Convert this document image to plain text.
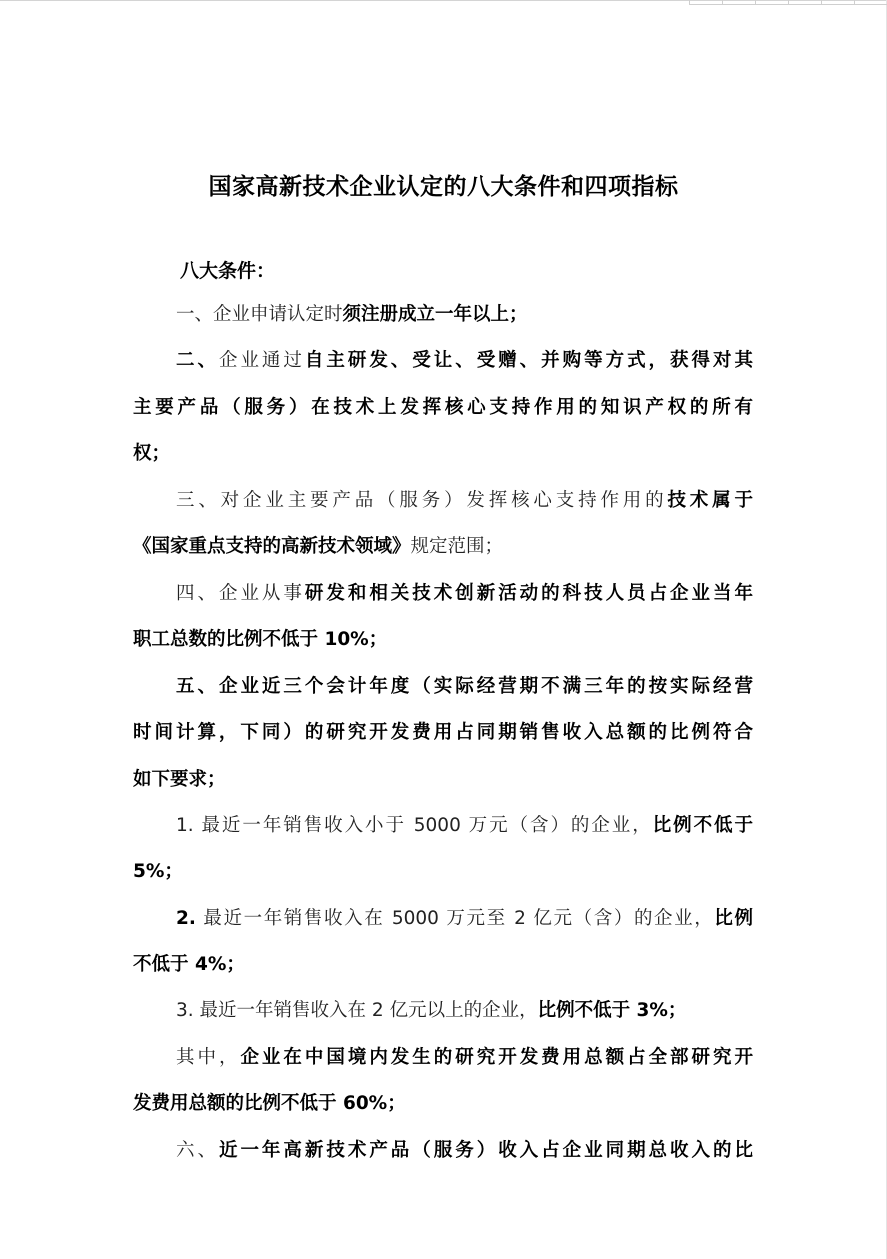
国家高新技术企业认定的八大条件和四项指标
八大条件：
一、企业申请认定时须注册成立一年以上；
二、企业通过自主研发、受让、受赠、并购等方式，获得对其
主要产品（服务）在技术上发挥核心支持作用的知识产权的所有
权；
三、对企业主要产品（服务）发挥核心支持作用的技术属于
《国家重点支持的高新技术领域》规定范围；
四、企业从事研发和相关技术创新活动的科技人员占企业当年
职工总数的比例不低于 10%；
五、企业近三个会计年度（实际经营期不满三年的按实际经营
时间计算，下同）的研究开发费用占同期销售收入总额的比例符合
如下要求；
1. 最近一年销售收入小于 5000 万元（含）的企业，比例不低于
5%；
2. 最近一年销售收入在 5000 万元至 2 亿元（含）的企业，比例
不低于 4%；
3. 最近一年销售收入在 2 亿元以上的企业，比例不低于 3%；
其中，企业在中国境内发生的研究开发费用总额占全部研究开
发费用总额的比例不低于 60%；
六、近一年高新技术产品（服务）收入占企业同期总收入的比
